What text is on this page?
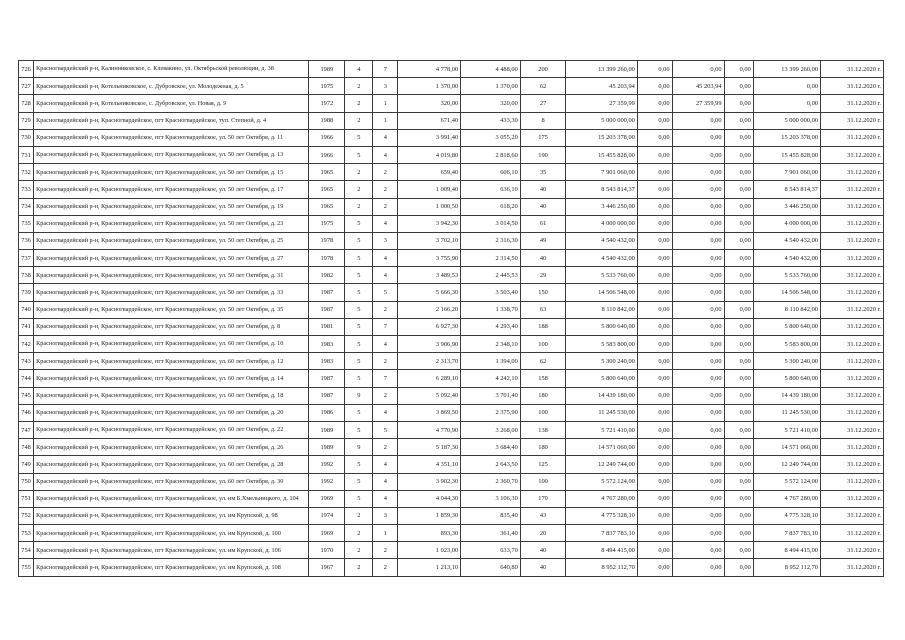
726	Красногвардейский р-н, Калинниковское, с. Клевакино, ул. Октябрьской революции, д. 38	1989	4	7	4 778,00	4 488,00	200	13 399 260,00	0,00	0,00	0,00	13 399 260,00	31.12.2020 г.
727	Красногвардейский р-н, Котельниковское, с. Дубровское, ул. Молодежная, д. 5	1975	2	3	1 370,00	1 370,00	62	45 203,94	0,00	45 203,94	0,00	0,00	31.12.2020 г.
728	Красногвардейский р-н, Котельниковское, с. Дубровское, ул. Новая, д. 9	1972	2	1	320,00	320,00	27	27 359,99	0,00	27 359,99	0,00	0,00	31.12.2020 г.
729	Красногвардейский р-н, Красногвардейское, пгт Красногвардейское, туп. Степной, д. 4	1988	2	1	671,40	433,30	8	5 000 000,00	0,00	0,00	0,00	5 000 000,00	31.12.2020 г.
730	Красногвардейский р-н, Красногвардейское, пгт Красногвардейское, ул. 50 лет Октября, д. 11	1966	5	4	3 991,40	3 055,20	175	15 203 378,00	0,00	0,00	0,00	15 203 378,00	31.12.2020 г.
731	Красногвардейский р-н, Красногвардейское, пгт Красногвардейское, ул. 50 лет Октября, д. 13	1966	5	4	4 019,80	2 818,60	190	15 455 828,00	0,00	0,00	0,00	15 455 828,00	31.12.2020 г.
732	Красногвардейский р-н, Красногвардейское, пгт Красногвардейское, ул. 50 лет Октября, д. 15	1965	2	2	659,40	606,10	35	7 901 060,00	0,00	0,00	0,00	7 901 060,00	31.12.2020 г.
733	Красногвардейский р-н, Красногвардейское, пгт Красногвардейское, ул. 50 лет Октября, д. 17	1965	2	2	1 009,40	636,10	40	8 543 814,37	0,00	0,00	0,00	8 543 814,37	31.12.2020 г.
734	Красногвардейский р-н, Красногвардейское, пгт Красногвардейское, ул. 50 лет Октября, д. 19	1965	2	2	1 000,50	618,20	40	3 446 250,00	0,00	0,00	0,00	3 446 250,00	31.12.2020 г.
735	Красногвардейский р-н, Красногвардейское, пгт Красногвардейское, ул. 50 лет Октября, д. 23	1975	5	4	3 942,30	3 014,50	61	4 000 000,00	0,00	0,00	0,00	4 000 000,00	31.12.2020 г.
736	Красногвардейский р-н, Красногвардейское, пгт Красногвардейское, ул. 50 лет Октября, д. 25	1978	5	3	3 702,10	2 316,30	49	4 540 432,00	0,00	0,00	0,00	4 540 432,00	31.12.2020 г.
737	Красногвардейский р-н, Красногвардейское, пгт Красногвардейское, ул. 50 лет Октября, д. 27	1978	5	4	3 755,90	2 314,50	40	4 540 432,00	0,00	0,00	0,00	4 540 432,00	31.12.2020 г.
738	Красногвардейский р-н, Красногвардейское, пгт Красногвардейское, ул. 50 лет Октября, д. 31	1982	5	4	3 489,53	2 445,53	29	5 533 760,00	0,00	0,00	0,00	5 533 760,00	31.12.2020 г.
739	Красногвардейский р-н, Красногвардейское, пгт Красногвардейское, ул. 50 лет Октября, д. 33	1987	5	5	5 666,30	3 503,40	150	14 506 548,00	0,00	0,00	0,00	14 506 548,00	31.12.2020 г.
740	Красногвардейский р-н, Красногвардейское, пгт Красногвардейское, ул. 50 лет Октября, д. 35	1987	5	2	2 166,20	1 338,70	63	8 110 842,00	0,00	0,00	0,00	8 110 842,00	31.12.2020 г.
741	Красногвардейский р-н, Красногвардейское, пгт Красногвардейское, ул. 60 лет Октября, д. 8	1981	5	7	6 927,30	4 293,40	188	5 800 640,00	0,00	0,00	0,00	5 800 640,00	31.12.2020 г.
742	Красногвардейский р-н, Красногвардейское, пгт Красногвардейское, ул. 60 лет Октября, д. 10	1983	5	4	3 906,90	2 348,10	100	5 583 800,00	0,00	0,00	0,00	5 583 800,00	31.12.2020 г.
743	Красногвардейский р-н, Красногвардейское, пгт Красногвардейское, ул. 60 лет Октября, д. 12	1983	5	2	2 313,70	1 394,00	62	5 300 240,00	0,00	0,00	0,00	5 300 240,00	31.12.2020 г.
744	Красногвардейский р-н, Красногвардейское, пгт Красногвардейское, ул. 60 лет Октября, д. 14	1987	5	7	6 289,10	4 242,10	158	5 800 640,00	0,00	0,00	0,00	5 800 640,00	31.12.2020 г.
745	Красногвардейский р-н, Красногвардейское, пгт Красногвардейское, ул. 60 лет Октября, д. 18	1987	9	2	5 092,40	3 701,40	180	14 439 180,00	0,00	0,00	0,00	14 439 180,00	31.12.2020 г.
746	Красногвардейский р-н, Красногвардейское, пгт Красногвардейское, ул. 60 лет Октября, д. 20	1986	5	4	3 869,50	2 375,90	100	11 245 530,00	0,00	0,00	0,00	11 245 530,00	31.12.2020 г.
747	Красногвардейский р-н, Красногвардейское, пгт Красногвардейское, ул. 60 лет Октября, д. 22	1989	5	5	4 770,90	3 268,00	138	5 721 410,00	0,00	0,00	0,00	5 721 410,00	31.12.2020 г.
748	Красногвардейский р-н, Красногвардейское, пгт Красногвардейское, ул. 60 лет Октября, д. 26	1989	9	2	5 187,30	3 684,40	180	14 571 060,00	0,00	0,00	0,00	14 571 060,00	31.12.2020 г.
749	Красногвардейский р-н, Красногвардейское, пгт Красногвардейское, ул. 60 лет Октября, д. 28	1992	5	4	4 351,10	2 643,50	125	12 249 744,00	0,00	0,00	0,00	12 249 744,00	31.12.2020 г.
750	Красногвардейский р-н, Красногвардейское, пгт Красногвардейское, ул. 60 лет Октября, д. 30	1992	5	4	3 902,30	2 360,70	100	5 572 124,00	0,00	0,00	0,00	5 572 124,00	31.12.2020 г.
751	Красногвардейский р-н, Красногвардейское, пгт Красногвардейское, ул. им Б.Хмельницкого, д. 104	1969	5	4	4 044,30	3 106,30	170	4 767 280,00	0,00	0,00	0,00	4 767 280,00	31.12.2020 г.
752	Красногвардейский р-н, Красногвардейское, пгт Красногвардейское, ул. им Крупской, д. 98	1974	2	3	1 859,30	835,40	43	4 775 328,10	0,00	0,00	0,00	4 775 328,10	31.12.2020 г.
753	Красногвардейский р-н, Красногвардейское, пгт Красногвардейское, ул. им Крупской, д. 100	1969	2	1	893,30	361,40	20	7 837 783,10	0,00	0,00	0,00	7 837 783,10	31.12.2020 г.
754	Красногвардейский р-н, Красногвардейское, пгт Красногвардейское, ул. им Крупской, д. 106	1970	2	2	1 023,00	633,70	40	8 494 415,00	0,00	0,00	0,00	8 494 415,00	31.12.2020 г.
755	Красногвардейский р-н, Красногвардейское, пгт Красногвардейское, ул. им Крупской, д. 108	1967	2	2	1 213,10	640,80	40	8 952 112,70	0,00	0,00	0,00	8 952 112,70	31.12.2020 г.
